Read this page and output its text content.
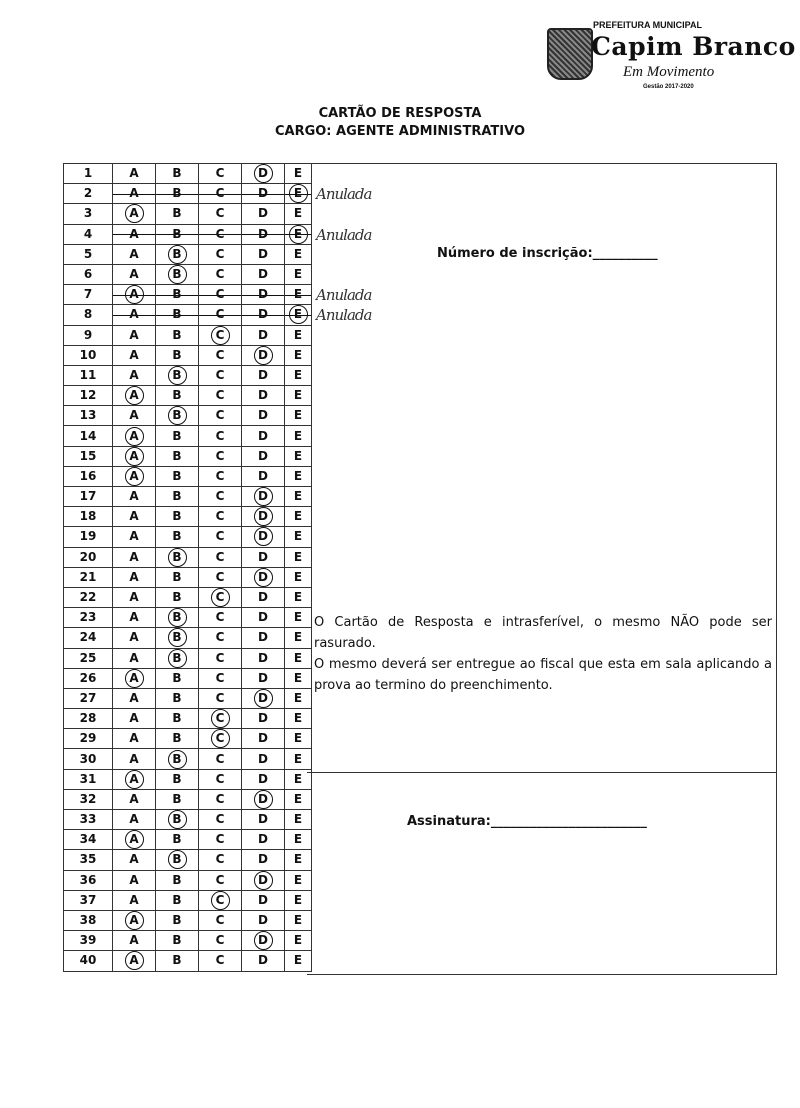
PREFEITURA MUNICIPAL
Capim Branco
Em Movimento
Gestão 2017-2020
CARTÃO DE RESPOSTA
CARGO: AGENTE ADMINISTRATIVO
1	A	B	C	D	E
2	A	B	C	D	E Anulada

3	A	B	C	D	E
4	A	B	C	D	E Anulada

5	A	B	C	D	E
6	A	B	C	D	E
7	A	B	C	D	E Anulada

8	A	B	C	D	E Anulada

9	A	B	C	D	E
10	A	B	C	D	E
11	A	B	C	D	E
12	A	B	C	D	E
13	A	B	C	D	E
14	A	B	C	D	E
15	A	B	C	D	E
16	A	B	C	D	E
17	A	B	C	D	E
18	A	B	C	D	E
19	A	B	C	D	E
20	A	B	C	D	E
21	A	B	C	D	E
22	A	B	C	D	E
23	A	B	C	D	E
24	A	B	C	D	E
25	A	B	C	D	E
26	A	B	C	D	E
27	A	B	C	D	E
28	A	B	C	D	E
29	A	B	C	D	E
30	A	B	C	D	E
31	A	B	C	D	E
32	A	B	C	D	E
33	A	B	C	D	E
34	A	B	C	D	E
35	A	B	C	D	E
36	A	B	C	D	E
37	A	B	C	D	E
38	A	B	C	D	E
39	A	B	C	D	E
40	A	B	C	D	E
Número de inscrição:__________
O Cartão de Resposta e intrasferível, o mesmo NÃO pode ser rasurado.
O mesmo deverá ser entregue ao fiscal que esta em sala aplicando a prova ao termino do preenchimento.
Assinatura:________________________
